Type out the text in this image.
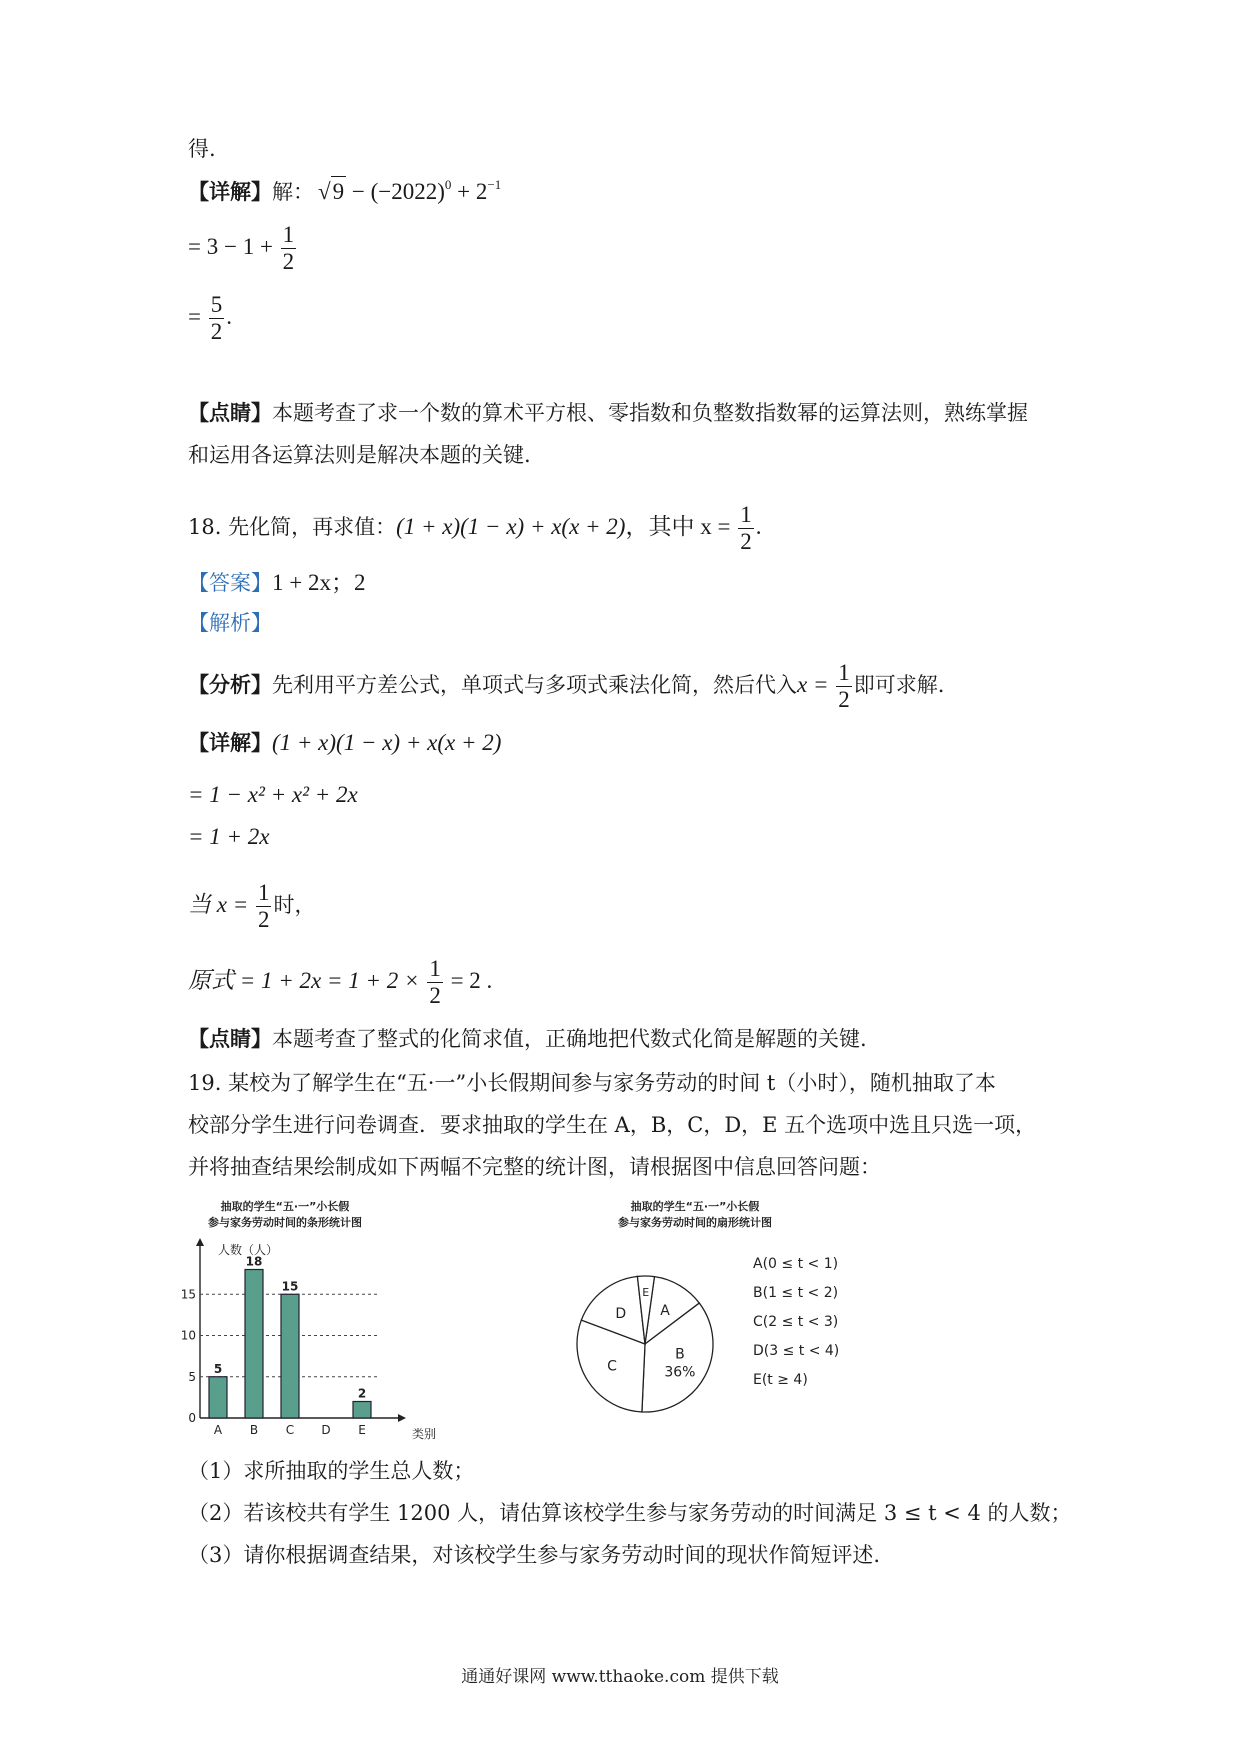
得.
【详解】解： $√9 - (-2022)^0 + 2^{-1}$
= $3 - 1 + \frac{1}{2}$
= $\frac{5}{2}$ .
【点睛】本题考查了求一个数的算术平方根、零指数和负整数指数幂的运算法则，熟练掌握
和运用各运算法则是解决本题的关键.
18. 先化简，再求值：(1 + x)(1 − x) + x(x + 2)，其中 $x = \frac{1}{2}$ .
【答案】1 + 2x；2
【解析】
【分析】先利用平方差公式，单项式与多项式乘法化简，然后代入$x = \frac{1}{2}$ 即可求解.
【详解】(1 + x)(1 − x) + x(x + 2)
= 1 − x² + x² + 2x
= 1 + 2x
当 $x = \frac{1}{2}$ 时，
原式 = $1 + 2x = 1 + 2 \times \frac{1}{2} = 2$ .
【点睛】本题考查了整式的化简求值，正确地把代数式化简是解题的关键.
19. 某校为了解学生在“五·一”小长假期间参与家务劳动的时间 t（小时），随机抽取了本
校部分学生进行问卷调查．要求抽取的学生在 A，B，C，D，E 五个选项中选且只选一项，
并将抽查结果绘制成如下两幅不完整的统计图，请根据图中信息回答问题：
抽取的学生“五·一”小长假
参与家务劳动时间的条形统计图
人数（人）
类别
0
5
10
15
5
A
18
B
15
C D
2
E
抽取的学生“五·一”小长假
参与家务劳动时间的扇形统计图
A
B
36%
C
D
E
A(0 ≤ t < 1)
B(1 ≤ t < 2)
C(2 ≤ t < 3)
D(3 ≤ t < 4)
E(t ≥ 4)
（1）求所抽取的学生总人数；
（2）若该校共有学生 1200 人，请估算该校学生参与家务劳动的时间满足 3 ≤ t < 4 的人数；
（3）请你根据调查结果，对该校学生参与家务劳动时间的现状作简短评述.
通通好课网 www.tthaoke.com 提供下载
